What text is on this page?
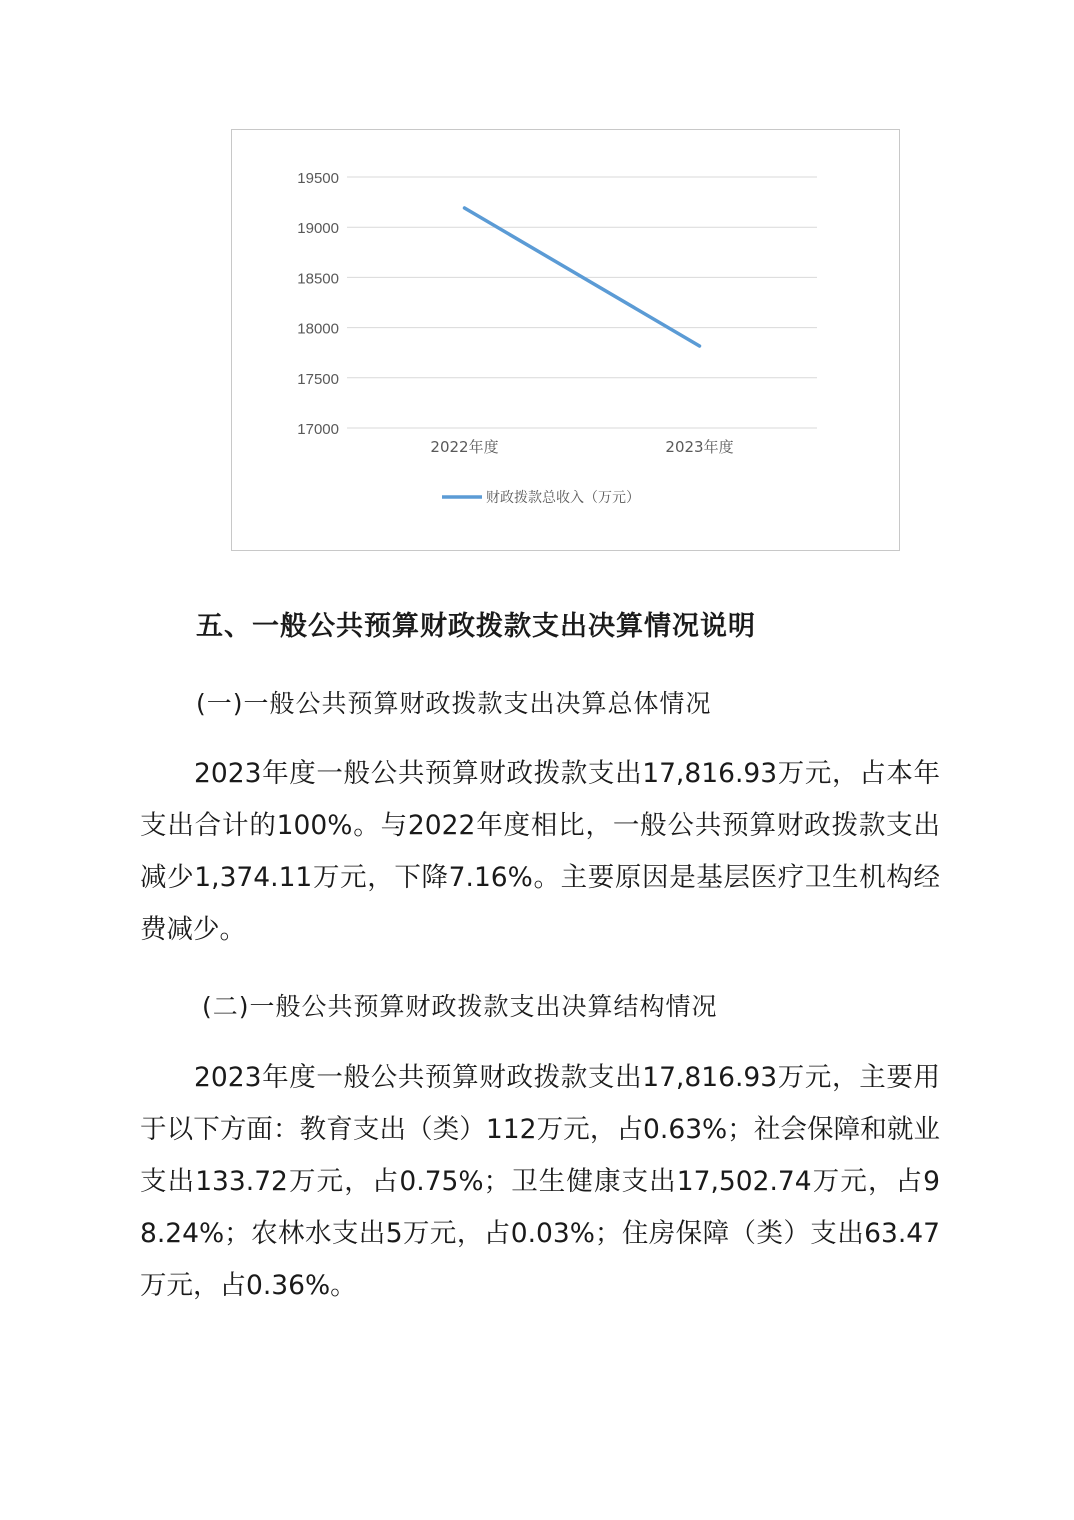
17000
17500
18000
18500
19000
19500
2022年度	2023年度
财政拨款总收入（万元）
五、一般公共预算财政拨款支出决算情况说明
(一)一般公共预算财政拨款支出决算总体情况
2023年度一般公共预算财政拨款支出17,816.93万元，占本年支出合计的100%。与2022年度相比，一般公共预算财政拨款支出减少1,374.11万元，下降7.16%。主要原因是基层医疗卫生机构经费减少。
(二)一般公共预算财政拨款支出决算结构情况
2023年度一般公共预算财政拨款支出17,816.93万元，主要用于以下方面：教育支出（类）112万元，占0.63%；社会保障和就业支出133.72万元，占0.75%；卫生健康支出17,502.74万元，占98.24%；农林水支出5万元，占0.03%；住房保障（类）支出63.47万元，占0.36%。
